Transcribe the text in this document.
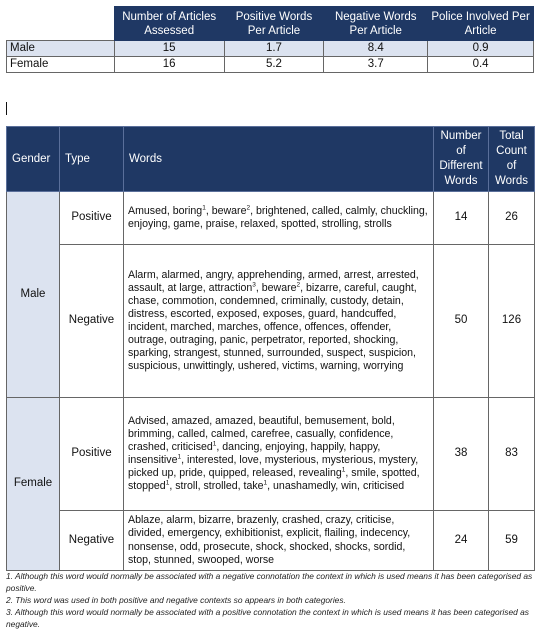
	Number of Articles Assessed	Positive Words Per Article	Negative Words Per Article	Police Involved Per Article
Male	15	1.7	8.4	0.9
Female	16	5.2	3.7	0.4
Gender	Type	Words	Number of Different Words	Total Count of Words
Male	Positive	Amused, boring$^1$, beware$^2$, brightened, called, calmly, chuckling, enjoying, game, praise, relaxed, spotted, strolling, strolls	14	26
	Negative	Alarm, alarmed, angry, apprehending, armed, arrest, arrested, assault, at large, attraction$^3$, beware$^2$, bizarre, careful, caught, chase, commotion, condemned, criminally, custody, detain, distress, escorted, exposed, exposes, guard, handcuffed, incident, marched, marches, offence, offences, offender, outrage, outraging, panic, perpetrator, reported, shocking, sparking, strangest, stunned, surrounded, suspect, suspicion, suspicious, unwittingly, ushered, victims, warning, worrying	50	126
Female	Positive	Advised, amazed, amazed, beautiful, bemusement, bold, brimming, called, calmed, carefree, casually, confidence, crashed, criticised$^1$, dancing, enjoying, happily, happy, insensitive$^1$, interested, love, mysterious, mysterious, mystery, picked up, pride, quipped, released, revealing$^1$, smile, spotted, stopped$^1$, stroll, strolled, take$^1$, unashamedly, win, criticised	38	83
	Negative	Ablaze, alarm, bizarre, brazenly, crashed, crazy, criticise, divided, emergency, exhibitionist, explicit, flailing, indecency, nonsense, odd, prosecute, shock, shocked, shocks, sordid, stop, stunned, swooped, worse	24	59
1. Although this word would normally be associated with a negative connotation the context in which is used means it has been categorised as positive.
2. This word was used in both positive and negative contexts so appears in both categories.
3. Although this word would normally be associated with a positive connotation the context in which is used means it has been categorised as negative.
